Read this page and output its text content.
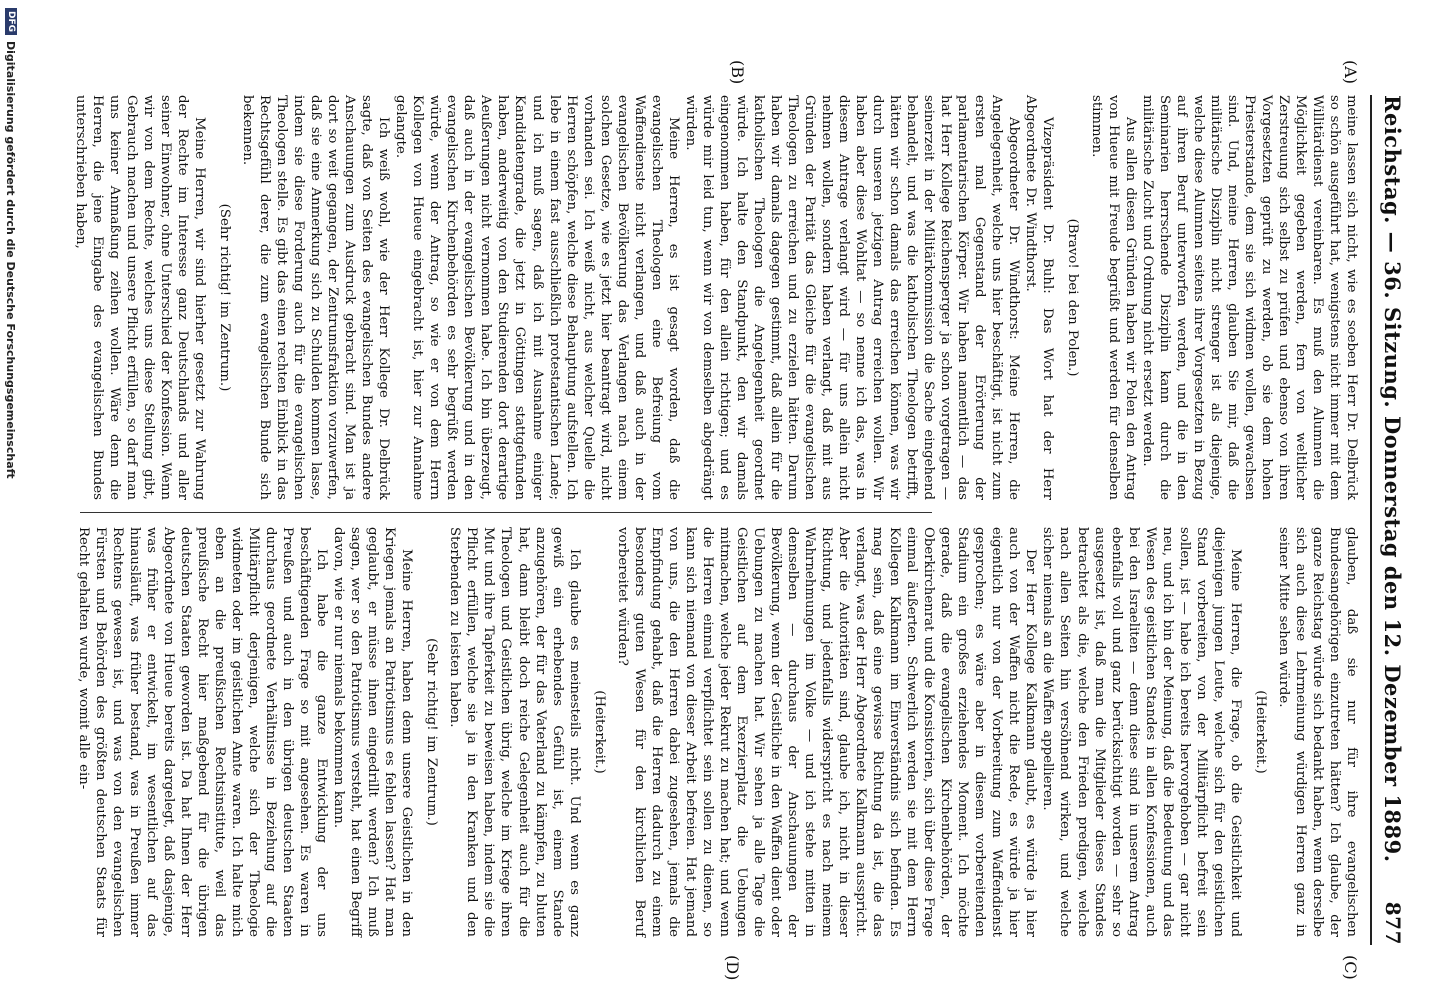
Reichstag. — 36. Sitzung. Donnerstag den 12. Dezember 1889.
877
(A)
(B)
(C)
(D)

meine lassen sich nicht, wie es soeben Herr Dr. Delbrück so schön ausgeführt hat, wenigstens nicht immer mit dem Willitärdienst vereinbaren. Es muß den Alumnen die Möglichkeit gegeben werden, fern von weltlicher Zerstreuung sich selbst zu prüfen und ebenso von ihren Vorgesetzten geprüft zu werden, ob sie dem hohen Priesterstande, dem sie sich widmen wollen, gewachsen sind. Und, meine Herren, glauben Sie mir, daß die militärische Disziplin nicht strenger ist als diejenige, welche diese Alumnen seitens ihrer Vorgesetzten in Bezug auf ihren Beruf unterworfen werden, und die in den Seminarien herrschende Disziplin kann durch die militärische Zucht und Ordnung nicht ersetzt werden.

Aus allen diesen Gründen haben wir Polen den Antrag von Hueue mit Freude begrüßt und werden für denselben stimmen.

(Bravo! bei den Polen.)

Vizepräsident Dr. Buhl: Das Wort hat der Herr Abgeordnete Dr. Windthorst.

Abgeordneter Dr. Windthorst: Meine Herren, die Angelegenheit, welche uns hier beschäftigt, ist nicht zum ersten mal Gegenstand der Erörterung der parlamentarischen Körper. Wir haben namentlich — das hat Herr Kollege Reichensperger ja schon vorgetragen — seinerzeit in der Militärkommission die Sache eingehend behandelt, und was die katholischen Theologen betrifft, hätten wir schon damals das erreichen können, was wir durch unseren jetzigen Antrag erreichen wollen. Wir haben aber diese Wohltat — so nenne ich das, was in diesem Antrage verlangt wird — für uns allein nicht nehmen wollen, sondern haben verlangt, daß mit aus Gründen der Parität das Gleiche für die evangelischen Theologen zu erreichen und zu erzielen hätten. Darum haben wir damals dagegen gestimmt, daß allein für die katholischen Theologen die Angelegenheit geordnet würde. Ich halte den Standpunkt, den wir damals eingenommen haben, für den allein richtigen; und es würde mir leid tun, wenn wir von demselben abgedrängt würden.

Meine Herren, es ist gesagt worden, daß die evangelischen Theologen eine Befreiung vom Waffendienste nicht verlangen, und daß auch in der evangelischen Bevölkerung das Verlangen nach einem solchen Gesetze, wie es jetzt hier beantragt wird, nicht vorhanden sei. Ich weiß nicht, aus welcher Quelle die Herren schöpfen, welche diese Behauptung aufstellen. Ich lebe in einem fast ausschließlich protestantischen Lande; und ich muß sagen, daß ich mit Ausnahme einiger Kandidatengrade, die jetzt in Göttingen stattgefunden haben, anderweitig von den Studierenden dort derartige Aeußerungen nicht vernommen habe. Ich bin überzeugt, daß auch in der evangelischen Bevölkerung und in den evangelischen Kirchenbehörden es sehr begrüßt werden würde, wenn der Antrag, so wie er von dem Herrn Kollegen von Hueue eingebracht ist, hier zur Annahme gelangte.

Ich weiß wohl, wie der Herr Kollege Dr. Delbrück sagte, daß von Seiten des evangelischen Bundes andere Anschauungen zum Ausdruck gebracht sind. Man ist ja dort so weit gegangen, der Zentrumsfraktion vorzuwerfen, daß sie eine Anmerkung sich zu Schulden kommen lasse, indem sie diese Forderung auch für die evangelischen Theologen stelle. Es gibt das einen rechten Einblick in das Rechtsgefühl derer, die zum evangelischen Bunde sich bekennen.

(Sehr richtig! im Zentrum.)

Meine Herren, wir sind hierher gesetzt zur Wahrung der Rechte im Interesse ganz Deutschlands und aller seiner Einwohner, ohne Unterschied der Konfession. Wenn wir von dem Rechte, welches uns diese Stellung gibt, Gebrauch machen und unsere Pflicht erfüllen, so darf man uns keiner Anmaßung zeihen wollen. Wäre denn die Herren, die jene Eingabe des evangelischen Bundes unterschrieben haben,

glauben, daß sie nur für ihre evangelischen Bundesangehörigen einzutreten hätten? Ich glaube, der ganze Reichstag würde sich bedankt haben, wenn derselbe sich auch diese Lehrmeinung würdigen Herren ganz in seiner Mitte sehen würde.

(Heiterkeit.)

Meine Herren, die Frage, ob die Geistlichkeit und diejenigen jungen Leute, welche sich für den geistlichen Stand vorbereiten, von der Militärpflicht befreit sein sollen, ist — habe ich bereits hervorgehoben — gar nicht neu, und ich bin der Meinung, daß die Bedeutung und das Wesen des geistlichen Standes in allen Konfessionen, auch bei den Israeliten — denn diese sind in unserem Antrag ebenfalls voll und ganz berücksichtigt worden — sehr so ausgesetzt ist, daß man die Mitglieder dieses Standes betrachtet als die, welche den Frieden predigen, welche nach allen Seiten hin versöhnend wirken, und welche sicher niemals an die Waffen appellieren.

Der Herr Kollege Kalkmann glaubt, es würde ja hier auch von der Waffen nicht die Rede, es würde ja hier eigentlich nur von der Vorbereitung zum Waffendienst gesprochen; es wäre aber in diesem vorbereitenden Stadium ein großes erziehendes Moment. Ich möchte gerade, daß die evangelischen Kirchenbehörden, der Oberkirchenrat und die Konsistorien, sich über diese Frage einmal äußerten. Schwerlich werden sie mit dem Herrn Kollegen Kalkmann im Einverständnis sich befinden. Es mag sein, daß eine gewisse Richtung da ist, die das verlangt, was der Herr Abgeordnete Kalkmann ausspricht. Aber die Autoritäten sind, glaube ich, nicht in dieser Richtung, und jedenfalls widerspricht es nach meinem Wahrnehmungen im Volke — und ich stehe mitten in demselben — durchaus der Anschauungen der Bevölkerung, wenn der Geistliche in den Waffen dient oder Uebungen zu machen hat. Wir sehen ja alle Tage die Geistlichen auf dem Exerzierplatz die Uebungen mitmachen, welche jeder Rekrut zu machen hat; und wenn die Herren einmal verpflichtet sein sollen zu dienen, so kann sich niemand von dieser Arbeit befreien. Hat jemand von uns, die den Herren dabei zugesehen, jemals die Empfindung gehabt, daß die Herren dadurch zu einem besonders guten Wesen für den kirchlichen Beruf vorbereitet würden?

(Heiterkeit.)

Ich glaube es meinesteils nicht. Und wenn es ganz gewiß ein erhebendes Gefühl ist, einem Stande anzugehören, der für das Vaterland zu kämpfen, zu bluten hat, dann bleibt doch reiche Gelegenheit auch für die Theologen und Geistlichen übrig, welche im Kriege ihren Mut und ihre Tapferkeit zu beweisen haben, indem sie die Pflicht erfüllen, welche sie ja in den Kranken und den Sterbenden zu leisten haben.

(Sehr richtig! im Zentrum.)

Meine Herren, haben denn unsere Geistlichen in den Kriegen jemals an Patriotismus es fehlen lassen? Hat man geglaubt, er müsse ihnen eingedrillt werden? Ich muß sagen, wer so den Patriotismus versteht, hat einen Begriff davon, wie er nur niemals bekommen kann.

Ich habe die ganze Entwicklung der uns beschäftigenden Frage so mit angesehen. Es waren in Preußen und auch in den übrigen deutschen Staaten durchaus geordnete Verhältnisse in Beziehung auf die Militärpflicht derjenigen, welche sich der Theologie widmeten oder im geistlichen Amte waren. Ich halte mich eben an die preußischen Rechtsinstitute, weil das preußische Recht hier maßgebend für die übrigen deutschen Staaten geworden ist. Da hat Ihnen der Herr Abgeordnete von Hueue bereits dargelegt, daß dasjenige, was früher er entwickelt, im wesentlichen auf das hinausläuft, was früher bestand, was in Preußen immer Rechtens gewesen ist, und was von den evangelischen Fürsten und Behörden des größten deutschen Staats für Recht gehalten wurde, womit alle ein-

DFG
Digitalisierung gefördert durch die Deutsche Forschungsgemeinschaft
